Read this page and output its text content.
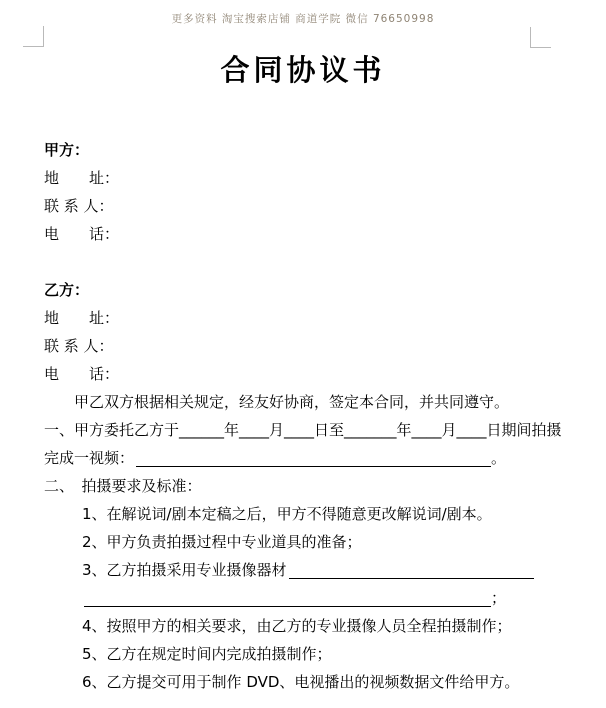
更多资料 淘宝搜索店铺 商道学院 微信 76650998
合同协议书
甲方：
地　　址：
联 系 人：
电　　话：
乙方：
地　　址：
联 系 人：
电　　话：
甲乙双方根据相关规定，经友好协商，签定本合同，并共同遵守。
一、甲方委托乙方于______年____月____日至_______年____月____日期间拍摄
完成一视频：	。
二、　拍摄要求及标准：
1、在解说词/剧本定稿之后，甲方不得随意更改解说词/剧本。
2、甲方负责拍摄过程中专业道具的准备；
3、乙方拍摄采用专业摄像器材
；
4、按照甲方的相关要求，由乙方的专业摄像人员全程拍摄制作；
5、乙方在规定时间内完成拍摄制作；
6、乙方提交可用于制作 DVD、电视播出的视频数据文件给甲方。
